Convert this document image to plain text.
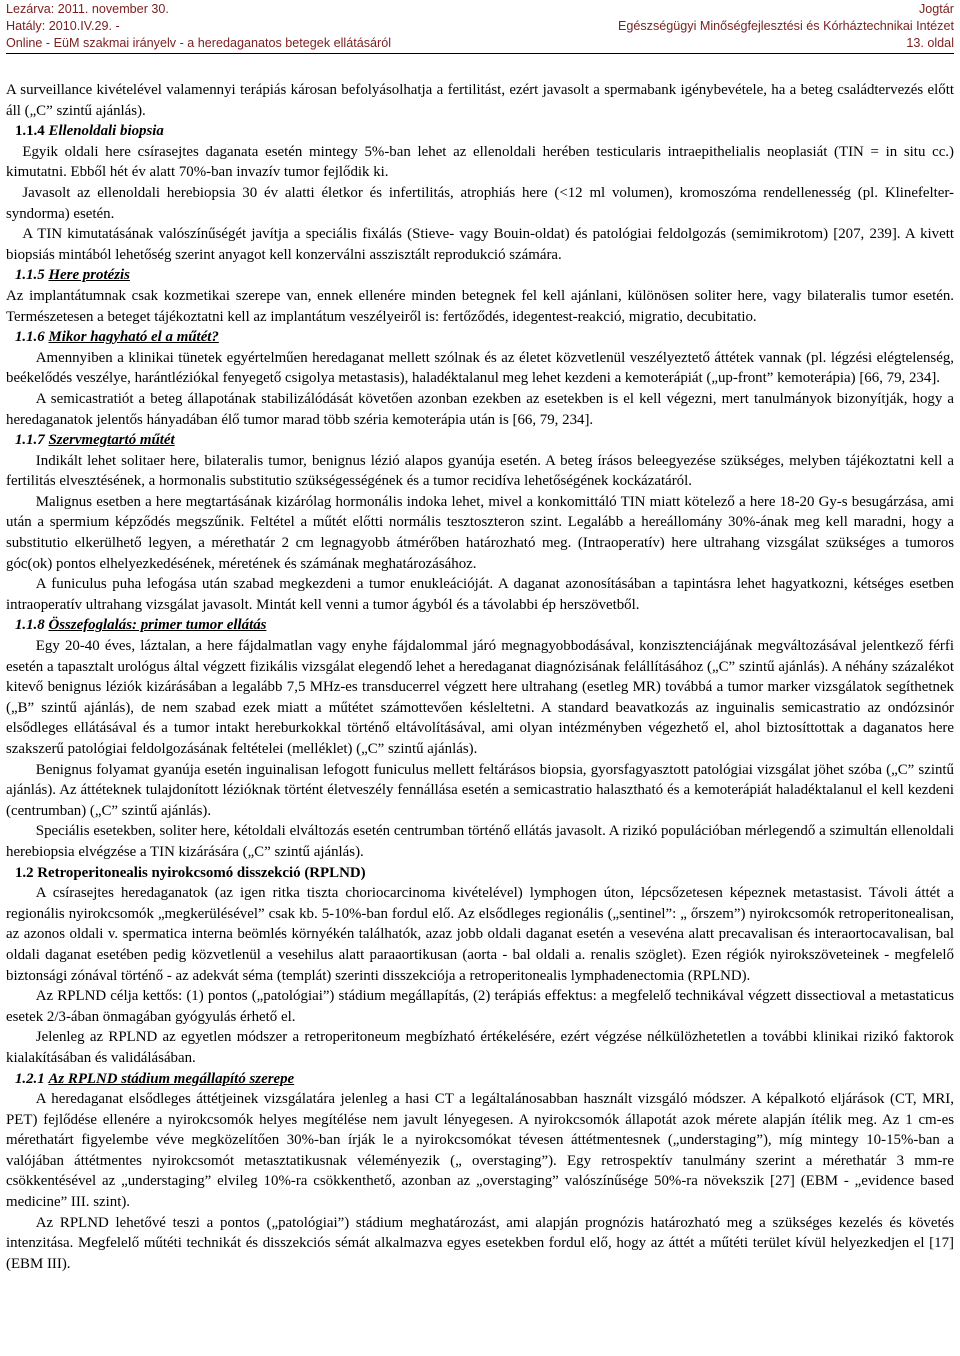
Lezárva: 2011. november 30.	Jogtár
Hatály: 2010.IV.29. -	Egészségügyi Minőségfejlesztési és Kórháztechnikai Intézet
Online - EüM szakmai irányelv - a heredaganatos betegek ellátásáról	13. oldal

A surveillance kivételével valamennyi terápiás károsan befolyásolhatja a fertilitást, ezért javasolt a spermabank igénybevétele, ha a beteg családtervezés előtt áll („C” szintű ajánlás).

1.1.4 Ellenoldali biopsia

Egyik oldali here csírasejtes daganata esetén mintegy 5%-ban lehet az ellenoldali herében testicularis intraepithelialis neoplasiát (TIN = in situ cc.) kimutatni. Ebből hét év alatt 70%-ban invazív tumor fejlődik ki.

Javasolt az ellenoldali herebiopsia 30 év alatti életkor és infertilitás, atrophiás here (<12 ml volumen), kromoszóma rendellenesség (pl. Klinefelter-syndorma) esetén.

A TIN kimutatásának valószínűségét javítja a speciális fixálás (Stieve- vagy Bouin-oldat) és patológiai feldolgozás (semimikrotom) [207, 239]. A kivett biopsiás mintából lehetőség szerint anyagot kell konzerválni asszisztált reprodukció számára.

1.1.5 Here protézis

Az implantátumnak csak kozmetikai szerepe van, ennek ellenére minden betegnek fel kell ajánlani, különösen soliter here, vagy bilateralis tumor esetén. Természetesen a beteget tájékoztatni kell az implantátum veszélyeiről is: fertőződés, idegentest-reakció, migratio, decubitatio.

1.1.6 Mikor hagyható el a műtét?

Amennyiben a klinikai tünetek egyértelműen heredaganat mellett szólnak és az életet közvetlenül veszélyeztető áttétek vannak (pl. légzési elégtelenség, beékelődés veszélye, harántléziókal fenyegető csigolya metastasis), haladéktalanul meg lehet kezdeni a kemoterápiát („up-front” kemoterápia) [66, 79, 234].

A semicastratiót a beteg állapotának stabilizálódását követően azonban ezekben az esetekben is el kell végezni, mert tanulmányok bizonyítják, hogy a heredaganatok jelentős hányadában élő tumor marad több széria kemoterápia után is [66, 79, 234].

1.1.7 Szervmegtartó műtét

Indikált lehet solitaer here, bilateralis tumor, benignus lézió alapos gyanúja esetén. A beteg írásos beleegyezése szükséges, melyben tájékoztatni kell a fertilitás elvesztésének, a hormonalis substitutio szükségességének és a tumor recidíva lehetőségének kockázatáról.

Malignus esetben a here megtartásának kizárólag hormonális indoka lehet, mivel a konkomittáló TIN miatt kötelező a here 18-20 Gy-s besugárzása, ami után a spermium képződés megszűnik. Feltétel a műtét előtti normális tesztoszteron szint. Legalább a hereállomány 30%-ának meg kell maradni, hogy a substitutio elkerülhető legyen, a mérethatár 2 cm legnagyobb átmérőben határozható meg. (Intraoperatív) here ultrahang vizsgálat szükséges a tumoros góc(ok) pontos elhelyezkedésének, méretének és számának meghatározásához.

A funiculus puha lefogása után szabad megkezdeni a tumor enukleációját. A daganat azonosításában a tapintásra lehet hagyatkozni, kétséges esetben intraoperatív ultrahang vizsgálat javasolt. Mintát kell venni a tumor ágyból és a távolabbi ép herszövetből.

1.1.8 Összefoglalás: primer tumor ellátás

Egy 20-40 éves, láztalan, a here fájdalmatlan vagy enyhe fájdalommal járó megnagyobbodásával, konzisztenciájának megváltozásával jelentkező férfi esetén a tapasztalt urológus által végzett fizikális vizsgálat elegendő lehet a heredaganat diagnózisának felállításához („C” szintű ajánlás). A néhány százalékot kitevő benignus léziók kizárásában a legalább 7,5 MHz-es transducerrel végzett here ultrahang (esetleg MR) továbbá a tumor marker vizsgálatok segíthetnek („B” szintű ajánlás), de nem szabad ezek miatt a műtétet számottevően késleltetni. A standard beavatkozás az inguinalis semicastratio az ondózsinór elsődleges ellátásával és a tumor intakt hereburkokkal történő eltávolításával, ami olyan intézményben végezhető el, ahol biztosíttottak a daganatos here szakszerű patológiai feldolgozásának feltételei (melléklet) („C” szintű ajánlás).

Benignus folyamat gyanúja esetén inguinalisan lefogott funiculus mellett feltárásos biopsia, gyorsfagyasztott patológiai vizsgálat jöhet szóba („C” szintű ajánlás). Az áttéteknek tulajdonított lézióknak történt életveszély fennállása esetén a semicastratio halasztható és a kemoterápiát haladéktalanul el kell kezdeni (centrumban) („C” szintű ajánlás).

Speciális esetekben, soliter here, kétoldali elváltozás esetén centrumban történő ellátás javasolt. A rizikó populációban mérlegendő a szimultán ellenoldali herebiopsia elvégzése a TIN kizárására („C” szintű ajánlás).

1.2 Retroperitonealis nyirokcsomó disszekció (RPLND)

A csírasejtes heredaganatok (az igen ritka tiszta choriocarcinoma kivételével) lymphogen úton, lépcsőzetesen képeznek metastasist. Távoli áttét a regionális nyirokcsomók „megkerülésével” csak kb. 5-10%-ban fordul elő. Az elsődleges regionális („sentinel”: „ őrszem”) nyirokcsomók retroperitonealisan, az azonos oldali v. spermatica interna beömlés környékén találhatók, azaz jobb oldali daganat esetén a vesevéna alatt precavalisan és interaortocavalisan, bal oldali daganat esetében pedig közvetlenül a vesehilus alatt paraaortikusan (aorta - bal oldali a. renalis szöglet). Ezen régiók nyirokszöveteinek - megfelelő biztonsági zónával történő - az adekvát séma (templát) szerinti disszekciója a retroperitonealis lymphadenectomia (RPLND).

Az RPLND célja kettős: (1) pontos („patológiai”) stádium megállapítás, (2) terápiás effektus: a megfelelő technikával végzett dissectioval a metastaticus esetek 2/3-ában önmagában gyógyulás érhető el.

Jelenleg az RPLND az egyetlen módszer a retroperitoneum megbízható értékelésére, ezért végzése nélkülözhetetlen a további klinikai rizikó faktorok kialakításában és validálásában.

1.2.1 Az RPLND stádium megállapító szerepe

A heredaganat elsődleges áttétjeinek vizsgálatára jelenleg a hasi CT a legáltalánosabban használt vizsgáló módszer. A képalkotó eljárások (CT, MRI, PET) fejlődése ellenére a nyirokcsomók helyes megítélése nem javult lényegesen. A nyirokcsomók állapotát azok mérete alapján ítélik meg. Az 1 cm-es mérethatárt figyelembe véve megközelítően 30%-ban írják le a nyirokcsomókat tévesen áttétmentesnek („understaging”), míg mintegy 10-15%-ban a valójában áttétmentes nyirokcsomót metasztatikusnak véleményezik („ overstaging”). Egy retrospektív tanulmány szerint a mérethatár 3 mm-re csökkentésével az „understaging” elvileg 10%-ra csökkenthető, azonban az „overstaging” valószínűsége 50%-ra növekszik [27] (EBM - „evidence based medicine” III. szint).

Az RPLND lehetővé teszi a pontos („patológiai”) stádium meghatározást, ami alapján prognózis határozható meg a szükséges kezelés és követés intenzitása. Megfelelő műtéti technikát és disszekciós sémát alkalmazva egyes esetekben fordul elő, hogy az áttét a műtéti terület kívül helyezkedjen el [17] (EBM III).
